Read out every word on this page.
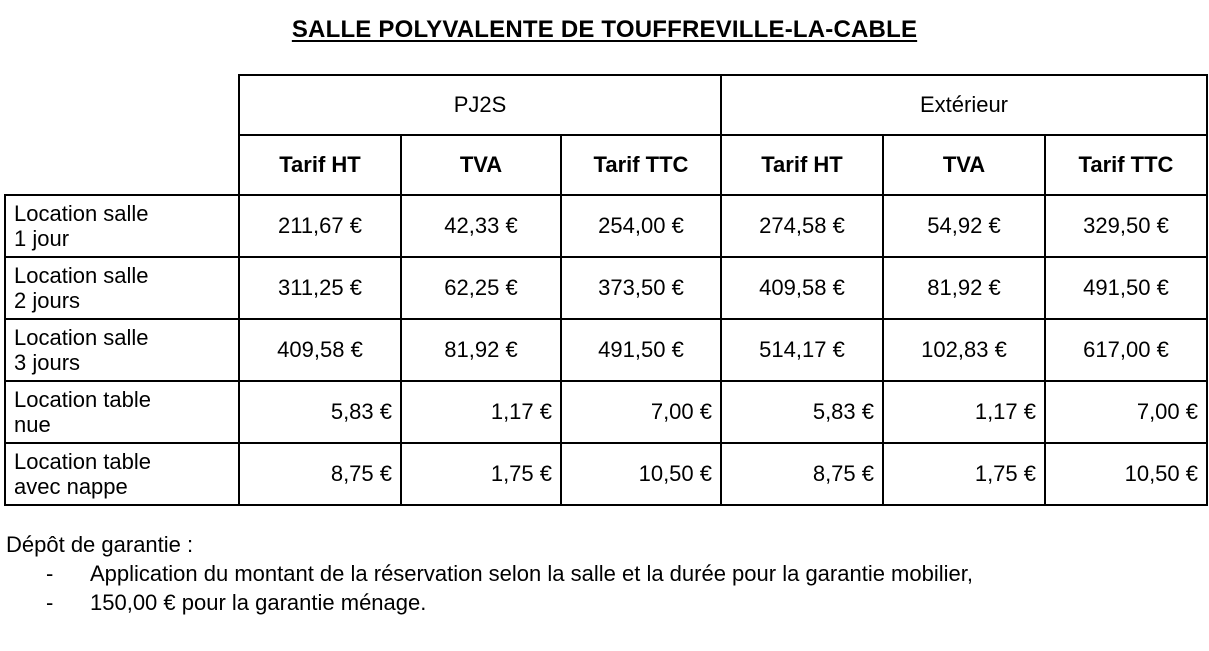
SALLE POLYVALENTE DE TOUFFREVILLE-LA-CABLE
	PJ2S			Extérieur		
	Tarif HT	TVA	Tarif TTC	Tarif HT	TVA	Tarif TTC
Location salle
1 jour	211,67 €	42,33 €	254,00 €	274,58 €	54,92 €	329,50 €
Location salle
2 jours	311,25 €	62,25 €	373,50 €	409,58 €	81,92 €	491,50 €
Location salle
3 jours	409,58 €	81,92 €	491,50 €	514,17 €	102,83 €	617,00 €
Location table
nue	5,83 €	1,17 €	7,00 €	5,83 €	1,17 €	7,00 €
Location table
avec nappe	8,75 €	1,75 €	10,50 €	8,75 €	1,75 €	10,50 €
Dépôt de garantie :
- Application du montant de la réservation selon la salle et la durée pour la garantie mobilier,
- 150,00 € pour la garantie ménage.
